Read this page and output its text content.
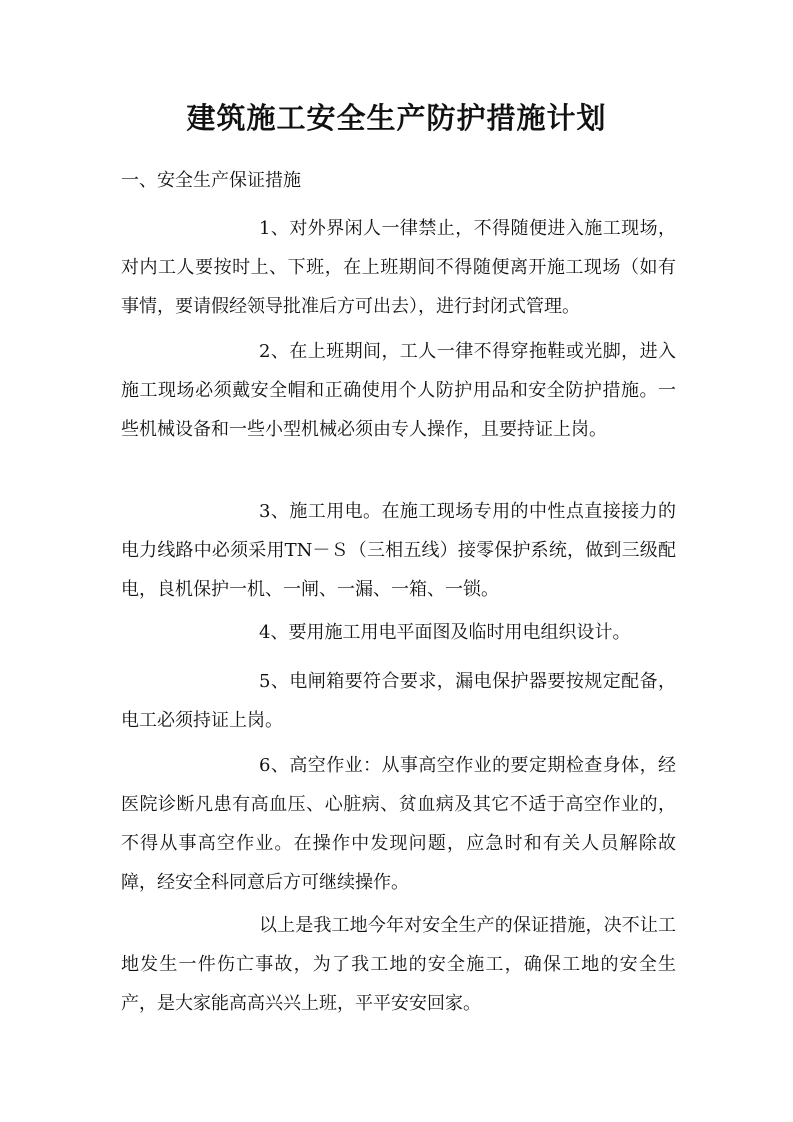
建筑施工安全生产防护措施计划

一、安全生产保证措施

1、对外界闲人一律禁止，不得随便进入施工现场，对内工人要按时上、下班，在上班期间不得随便离开施工现场（如有事情，要请假经领导批准后方可出去），进行封闭式管理。

2、在上班期间，工人一律不得穿拖鞋或光脚，进入施工现场必须戴安全帽和正确使用个人防护用品和安全防护措施。一些机械设备和一些小型机械必须由专人操作，且要持证上岗。

3、施工用电。在施工现场专用的中性点直接接力的电力线路中必须采用TN－Ｓ（三相五线）接零保护系统，做到三级配电，良机保护一机、一闸、一漏、一箱、一锁。

4、要用施工用电平面图及临时用电组织设计。

5、电闸箱要符合要求，漏电保护器要按规定配备，电工必须持证上岗。

6、高空作业：从事高空作业的要定期检查身体，经医院诊断凡患有高血压、心脏病、贫血病及其它不适于高空作业的，不得从事高空作业。在操作中发现问题，应急时和有关人员解除故障，经安全科同意后方可继续操作。

以上是我工地今年对安全生产的保证措施，决不让工地发生一件伤亡事故，为了我工地的安全施工，确保工地的安全生产，是大家能高高兴兴上班，平平安安回家。
